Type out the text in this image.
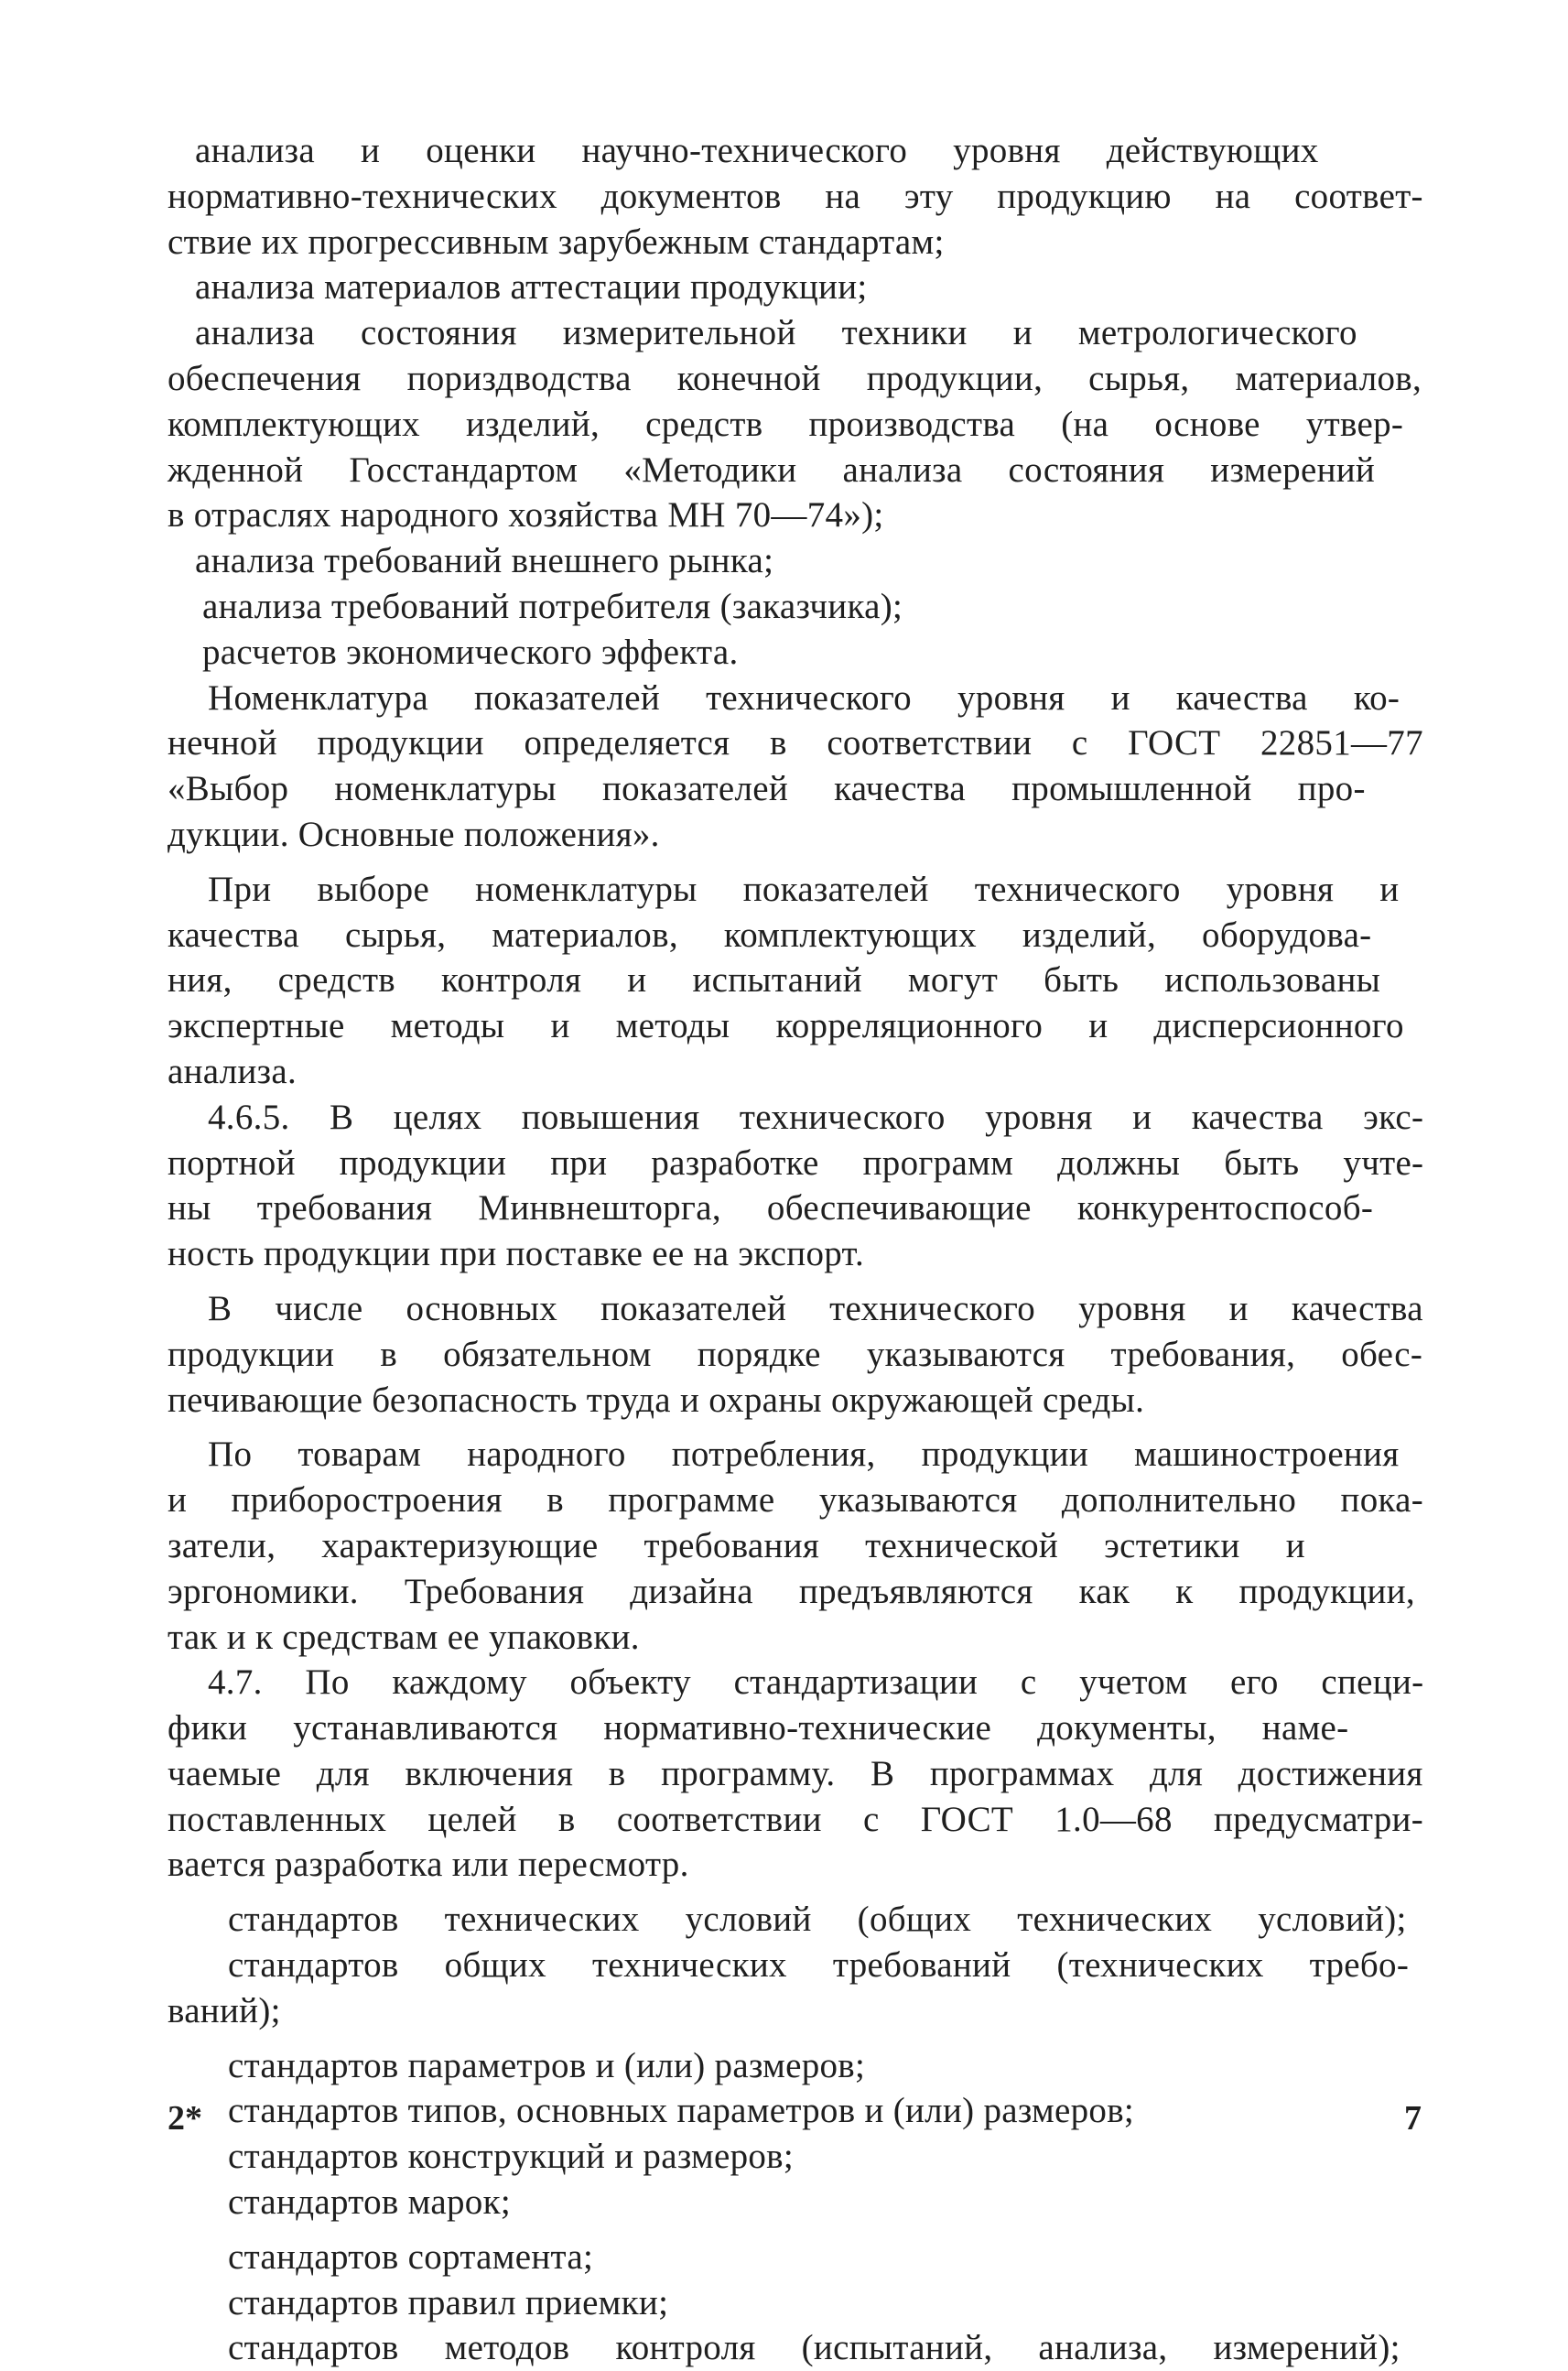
анализа и оценки научно-технического уровня действующих
нормативно-технических документов на эту продукцию на соответ-
ствие их прогрессивным зарубежным стандартам;
анализа материалов аттестации продукции;
анализа состояния измерительной техники и метрологического
обеспечения пориздводства конечной продукции, сырья, материалов,
комплектующих изделий, средств производства (на основе утвер-
жденной Госстандартом «Методики анализа состояния измерений
в отраслях народного хозяйства МН 70—74»);
анализа требований внешнего рынка;
анализа требований потребителя (заказчика);
расчетов экономического эффекта.
Номенклатура показателей технического уровня и качества ко-
нечной продукции определяется в соответствии с ГОСТ 22851—77
«Выбор номенклатуры показателей качества промышленной про-
дукции. Основные положения».
При выборе номенклатуры показателей технического уровня и
качества сырья, материалов, комплектующих изделий, оборудова-
ния, средств контроля и испытаний могут быть использованы
экспертные методы и методы корреляционного и дисперсионного
анализа.
4.6.5. В целях повышения технического уровня и качества экс-
портной продукции при разработке программ должны быть учте-
ны требования Минвнешторга, обеспечивающие конкурентоспособ-
ность продукции при поставке ее на экспорт.
В числе основных показателей технического уровня и качества
продукции в обязательном порядке указываются требования, обес-
печивающие безопасность труда и охраны окружающей среды.
По товарам народного потребления, продукции машиностроения
и приборостроения в программе указываются дополнительно пока-
затели, характеризующие требования технической эстетики и
эргономики. Требования дизайна предъявляются как к продукции,
так и к средствам ее упаковки.
4.7. По каждому объекту стандартизации с учетом его специ-
фики устанавливаются нормативно-технические документы, наме-
чаемые для включения в программу. В программах для достижения
поставленных целей в соответствии с ГОСТ 1.0—68 предусматри-
вается разработка или пересмотр.
стандартов технических условий (общих технических условий);
стандартов общих технических требований (технических требо-
ваний);
стандартов параметров и (или) размеров;
стандартов типов, основных параметров и (или) размеров;
стандартов конструкций и размеров;
стандартов марок;
стандартов сортамента;
стандартов правил приемки;
стандартов методов контроля (испытаний, анализа, измерений);
2*	7
